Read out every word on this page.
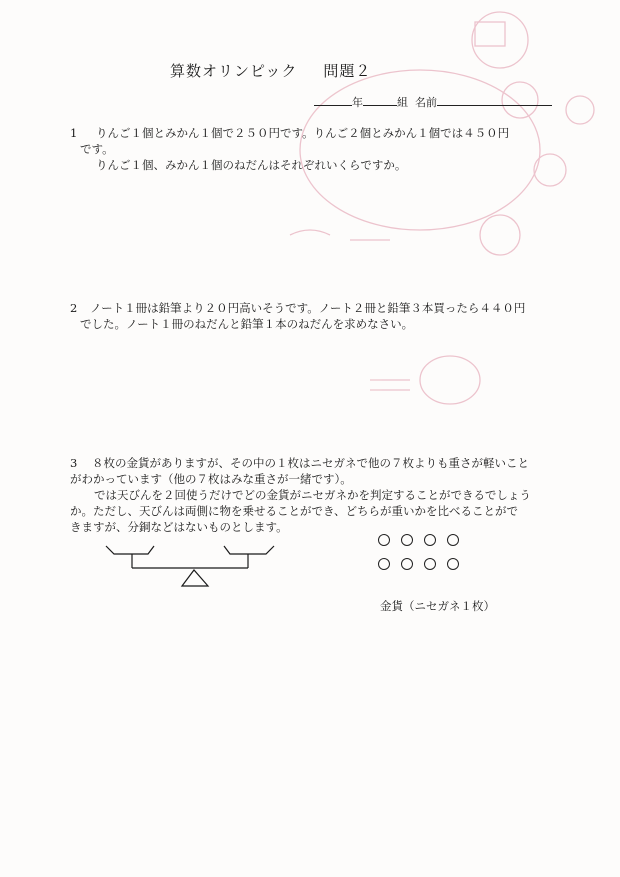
算数オリンピック 問題２
年	組 名前
1 りんご１個とみかん１個で２５０円です。りんご２個とみかん１個では４５０円

です。

りんご１個、みかん１個のねだんはそれぞれいくらですか。

2 ノート１冊は鉛筆より２０円高いそうです。ノート２冊と鉛筆３本買ったら４４０円

でした。ノート１冊のねだんと鉛筆１本のねだんを求めなさい。

3 ８枚の金貨がありますが、その中の１枚はニセガネで他の７枚よりも重さが軽いこと

がわかっています（他の７枚はみな重さが一緒です）。

では天びんを２回使うだけでどの金貨がニセガネかを判定することができるでしょう

か。ただし、天びんは両側に物を乗せることができ、どちらが重いかを比べることがで

きますが、分銅などはないものとします。

金貨（ニセガネ１枚）
